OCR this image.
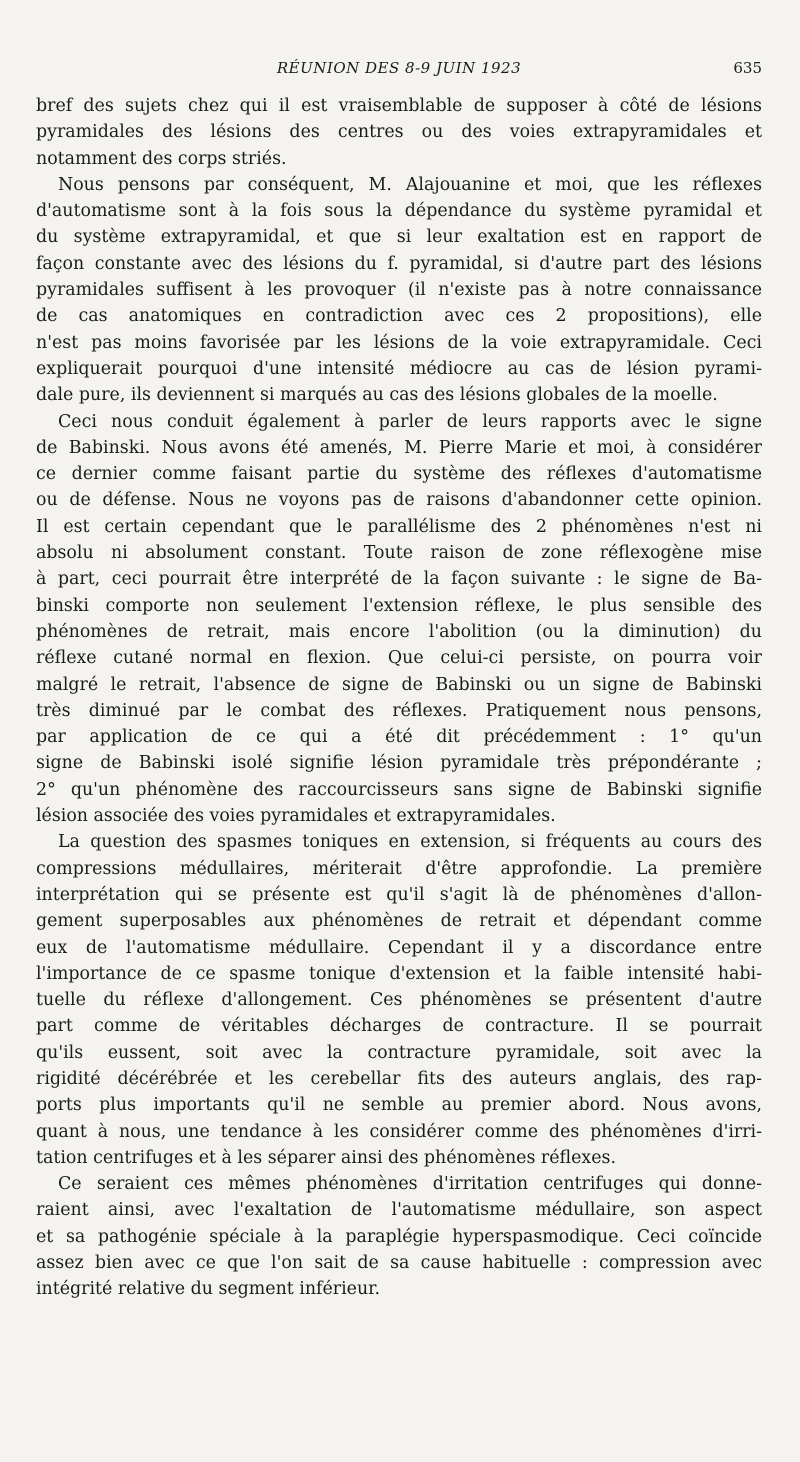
RÉUNION DES 8-9 JUIN 1923	635
bref des sujets chez qui il est vraisemblable de supposer à côté de lésions
pyramidales des lésions des centres ou des voies extrapyramidales et
notamment des corps striés.
Nous pensons par conséquent, M. Alajouanine et moi, que les réflexes
d'automatisme sont à la fois sous la dépendance du système pyramidal et
du système extrapyramidal, et que si leur exaltation est en rapport de
façon constante avec des lésions du f. pyramidal, si d'autre part des lésions
pyramidales suffisent à les provoquer (il n'existe pas à notre connaissance
de cas anatomiques en contradiction avec ces 2 propositions), elle
n'est pas moins favorisée par les lésions de la voie extrapyramidale. Ceci
expliquerait pourquoi d'une intensité médiocre au cas de lésion pyrami-
dale pure, ils deviennent si marqués au cas des lésions globales de la moelle.
Ceci nous conduit également à parler de leurs rapports avec le signe
de Babinski. Nous avons été amenés, M. Pierre Marie et moi, à considérer
ce dernier comme faisant partie du système des réflexes d'automatisme
ou de défense. Nous ne voyons pas de raisons d'abandonner cette opinion.
Il est certain cependant que le parallélisme des 2 phénomènes n'est ni
absolu ni absolument constant. Toute raison de zone réflexogène mise
à part, ceci pourrait être interprété de la façon suivante : le signe de Ba-
binski comporte non seulement l'extension réflexe, le plus sensible des
phénomènes de retrait, mais encore l'abolition (ou la diminution) du
réflexe cutané normal en flexion. Que celui-ci persiste, on pourra voir
malgré le retrait, l'absence de signe de Babinski ou un signe de Babinski
très diminué par le combat des réflexes. Pratiquement nous pensons,
par application de ce qui a été dit précédemment : 1° qu'un
signe de Babinski isolé signifie lésion pyramidale très prépondérante ;
2° qu'un phénomène des raccourcisseurs sans signe de Babinski signifie
lésion associée des voies pyramidales et extrapyramidales.
La question des spasmes toniques en extension, si fréquents au cours des
compressions médullaires, mériterait d'être approfondie. La première
interprétation qui se présente est qu'il s'agit là de phénomènes d'allon-
gement superposables aux phénomènes de retrait et dépendant comme
eux de l'automatisme médullaire. Cependant il y a discordance entre
l'importance de ce spasme tonique d'extension et la faible intensité habi-
tuelle du réflexe d'allongement. Ces phénomènes se présentent d'autre
part comme de véritables décharges de contracture. Il se pourrait
qu'ils eussent, soit avec la contracture pyramidale, soit avec la
rigidité décérébrée et les cerebellar fits des auteurs anglais, des rap-
ports plus importants qu'il ne semble au premier abord. Nous avons,
quant à nous, une tendance à les considérer comme des phénomènes d'irri-
tation centrifuges et à les séparer ainsi des phénomènes réflexes.
Ce seraient ces mêmes phénomènes d'irritation centrifuges qui donne-
raient ainsi, avec l'exaltation de l'automatisme médullaire, son aspect
et sa pathogénie spéciale à la paraplégie hyperspasmodique. Ceci coïncide
assez bien avec ce que l'on sait de sa cause habituelle : compression avec
intégrité relative du segment inférieur.
